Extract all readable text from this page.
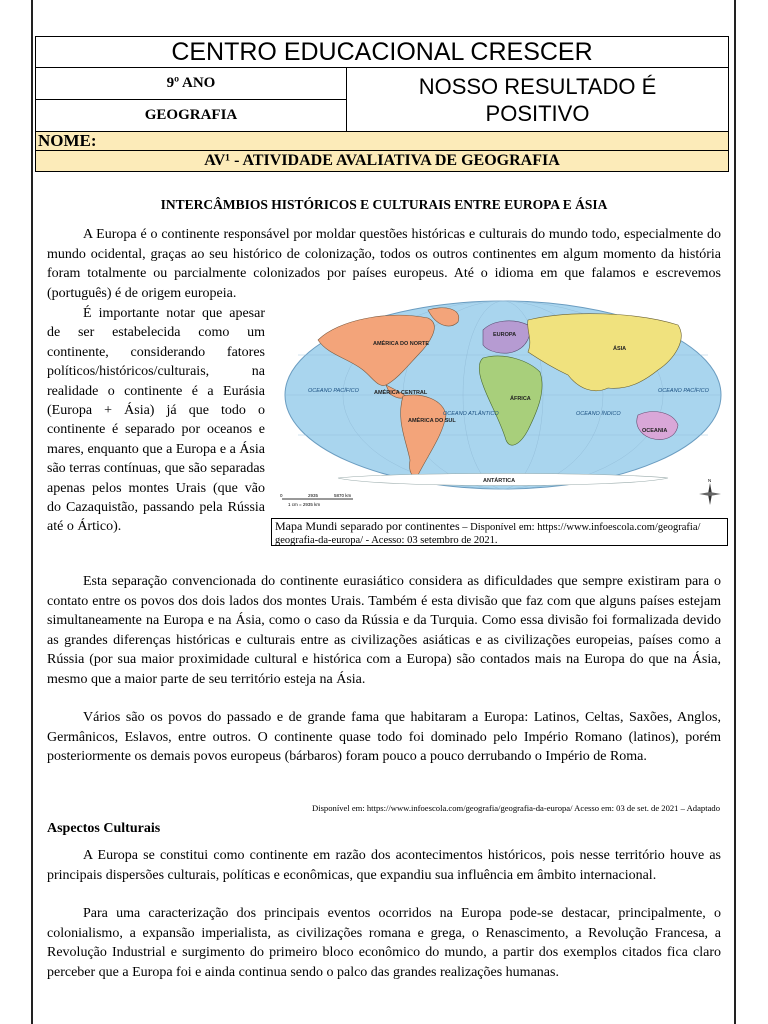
CENTRO EDUCACIONAL CRESCER
9º ANO	NOSSO RESULTADO É
POSITIVO

GEOGRAFIA
NOME:
AV¹ - ATIVIDADE AVALIATIVA DE GEOGRAFIA
INTERCÂMBIOS HISTÓRICOS E CULTURAIS ENTRE EUROPA E ÁSIA

A Europa é o continente responsável por moldar questões históricas e culturais do mundo todo, especialmente do mundo ocidental, graças ao seu histórico de colonização, todos os outros continentes em algum momento da história foram totalmente ou parcialmente colonizados por países europeus. Até o idioma em que falamos e escrevemos (português) é de origem europeia.

É importante notar que apesar de ser estabelecida como um continente, considerando fatores políticos/históricos/culturais, na realidade o continente é a Eurásia (Europa + Ásia) já que todo o continente é separado por oceanos e mares, enquanto que a Europa e a Ásia são terras contínuas, que são separadas apenas pelos montes Urais (que vão do Cazaquistão, passando pela Rússia até o Ártico).

AMÉRICA DO NORTE
AMÉRICA CENTRAL
AMÉRICA DO SUL
EUROPA
ÁSIA
ÁFRICA
OCEANIA
ANTÁRTICA
OCEANO PACÍFICO	OCEANO PACÍFICO
OCEANO ATLÂNTICO	OCEANO ÍNDICO
0	2935	5870 km
1 cm = 2935 km
N
Mapa Mundi separado por continentes – Disponível em: https://www.infoescola.com/geografia/ geografia-da-europa/ - Acesso: 03 setembro de 2021.

Esta separação convencionada do continente eurasiático considera as dificuldades que sempre existiram para o contato entre os povos dos dois lados dos montes Urais. Também é esta divisão que faz com que alguns países estejam simultaneamente na Europa e na Ásia, como o caso da Rússia e da Turquia. Como essa divisão foi formalizada devido as grandes diferenças históricas e culturais entre as civilizações asiáticas e as civilizações europeias, países como a Rússia (por sua maior proximidade cultural e histórica com a Europa) são contados mais na Europa do que na Ásia, mesmo que a maior parte de seu território esteja na Ásia.

Vários são os povos do passado e de grande fama que habitaram a Europa: Latinos, Celtas, Saxões, Anglos, Germânicos, Eslavos, entre outros. O continente quase todo foi dominado pelo Império Romano (latinos), porém posteriormente os demais povos europeus (bárbaros) foram pouco a pouco derrubando o Império de Roma.

Disponível em: https://www.infoescola.com/geografia/geografia-da-europa/ Acesso em: 03 de set. de 2021 – Adaptado
Aspectos Culturais

A Europa se constitui como continente em razão dos acontecimentos históricos, pois nesse território houve as principais dispersões culturais, políticas e econômicas, que expandiu sua influência em âmbito internacional.

Para uma caracterização dos principais eventos ocorridos na Europa pode-se destacar, principalmente, o colonialismo, a expansão imperialista, as civilizações romana e grega, o Renascimento, a Revolução Francesa, a Revolução Industrial e surgimento do primeiro bloco econômico do mundo, a partir dos exemplos citados fica claro perceber que a Europa foi e ainda continua sendo o palco das grandes realizações humanas.
